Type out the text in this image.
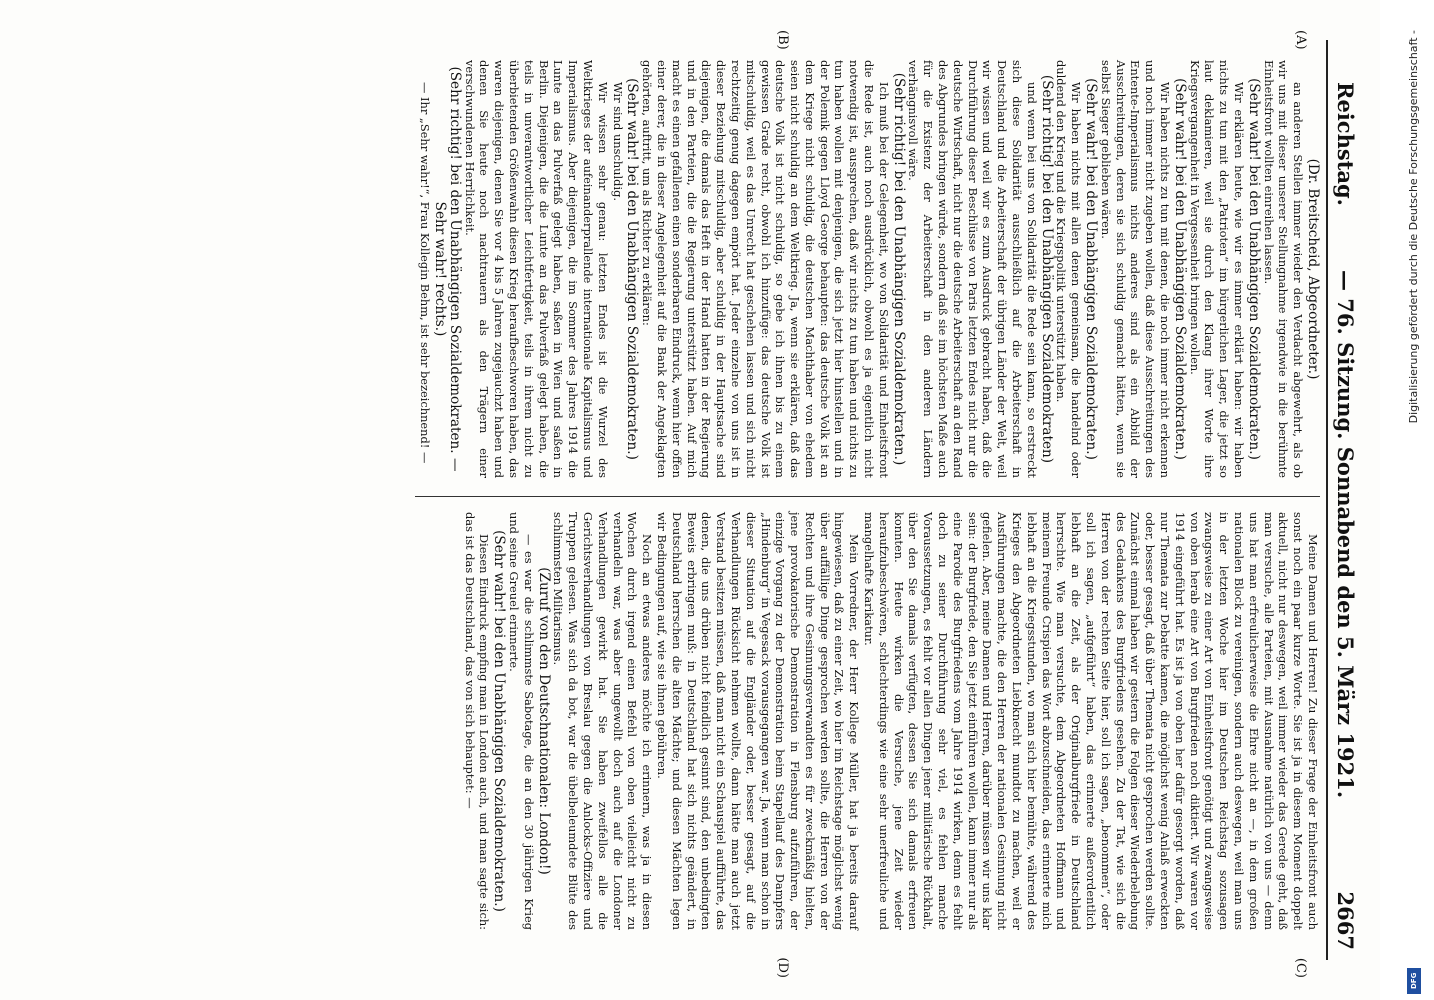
Reichstag.
— 76. Sitzung. Sonnabend den 5. März 1921.
2667
(A)
(B)
(C)
(D)

(Dr. Breitscheid, Abgeordneter.)

an anderen Stellen immer wieder den Verdacht abgewehrt, als ob wir uns mit dieser unserer Stellungnahme irgendwie in die berühmte Einheitsfront wollten einreihen lassen.

(Sehr wahr! bei den Unabhängigen Sozialdemokraten.)

Wir erklären heute, wie wir es immer erklärt haben: wir haben nichts zu tun mit den „Patrioten“ im bürgerlichen Lager, die jetzt so laut deklamieren, weil sie durch den Klang ihrer Worte ihre Kriegsvergangenheit in Vergessenheit bringen wollen.

(Sehr wahr! bei den Unabhängigen Sozialdemokraten.)

Wir haben nichts zu tun mit denen, die noch immer nicht erkennen und noch immer nicht zugeben wollen, daß diese Ausschreitungen des Entente-Imperialismus nichts anderes sind als ein Abbild der Ausschreitungen, deren sie sich schuldig gemacht hätten, wenn sie selbst Sieger geblieben wären.

(Sehr wahr! bei den Unabhängigen Sozialdemokraten.)

Wir haben nichts mit allen denen gemeinsam, die handelnd oder duldend den Krieg und die Kriegspolitik unterstützt haben.

(Sehr richtig! bei den Unabhängigen Sozialdemokraten)

und wenn bei uns von Solidarität die Rede sein kann, so erstreckt sich diese Solidarität ausschließlich auf die Arbeiterschaft in Deutschland und die Arbeiterschaft der übrigen Länder der Welt, weil wir wissen und weil wir es zum Ausdruck gebracht haben, daß die Durchführung dieser Beschlüsse von Paris letzten Endes nicht nur die deutsche Wirtschaft, nicht nur die deutsche Arbeiterschaft an den Rand des Abgrundes bringen würde, sondern daß sie im höchsten Maße auch für die Existenz der Arbeiterschaft in den anderen Ländern verhängnisvoll wäre.

(Sehr richtig! bei den Unabhängigen Sozialdemokraten.)

Ich muß bei der Gelegenheit, wo von Solidarität und Einheitsfront die Rede ist, auch noch ausdrücklich, obwohl es ja eigentlich nicht notwendig ist, aussprechen, daß wir nichts zu tun haben und nichts zu tun haben wollen mit denjenigen, die sich jetzt hier hinstellen und in der Polemik gegen Lloyd George behaupten: das deutsche Volk ist an dem Kriege nicht schuldig, die deutschen Machthaber von ehedem seien nicht schuldig an dem Weltkrieg. Ja, wenn sie erklären, daß das deutsche Volk ist nicht schuldig, so gebe ich ihnen bis zu einem gewissen Grade recht, obwohl ich hinzufüge: das deutsche Volk ist mitschuldig, weil es das Unrecht hat geschehen lassen und sich nicht rechtzeitig genug dagegen empört hat. Jeder einzelne von uns ist in dieser Beziehung mitschuldig, aber schuldig in der Hauptsache sind diejenigen, die damals das Heft in der Hand hatten in der Regierung und in den Parteien, die die Regierung unterstützt haben. Auf mich macht es einen gefallenen einen sonderbaren Eindruck, wenn hier offen einer derer, die in dieser Angelegenheit auf die Bank der Angeklagten gehörten, auftritt, um als Richter zu erklären:

(Sehr wahr! bei den Unabhängigen Sozialdemokraten.)

Wir sind unschuldig.

Wir wissen sehr genau: letzten Endes ist die Wurzel des Weltkrieges der aufeinanderprallende internationale Kapitalismus und Imperialismus. Aber diejenigen, die im Sommer des Jahres 1914 die Lunte an das Pulverfaß gelegt haben, saßen in Wien und saßen in Berlin. Diejenigen, die die Lunte an das Pulverfaß gelegt haben, die teils in unverantwortlicher Leichtfertigkeit, teils in ihrem nicht zu überbietenden Größenwahn diesen Krieg heraufbeschworen haben, das waren diejenigen, denen Sie vor 4 bis 5 Jahren zugejauchzt haben und denen Sie heute noch nachtrauern als den Trägern einer verschwundenen Herrlichkeit.

(Sehr richtig! bei den Unabhängigen Sozialdemokraten. — Sehr wahr! rechts.)

— Ihr „Sehr wahr!“, Frau Kollegin Behm, ist sehr bezeichnend! —

Meine Damen und Herren! Zu dieser Frage der Einheitsfront auch sonst noch ein paar kurze Worte. Sie ist ja in diesem Moment doppelt aktuell, nicht nur deswegen, weil immer wieder das Gerede geht, daß man versuche, alle Parteien, mit Ausnahme natürlich von uns — denn uns hat man erfreulicherweise die Ehre nicht an —, in dem großen nationalen Block zu vereinigen, sondern auch deswegen, weil man uns in der letzten Woche hier im Deutschen Reichstag sozusagen zwangsweise zu einer Art von Einheitsfront genötigt und zwangsweise von oben herab eine Art von Burgfrieden noch diktiert. Wir waren vor 1914 eingeführt hat. Es ist ja von oben her dafür gesorgt worden, daß nur Themata zur Debatte kamen, die möglichst wenig Anlaß erweckten oder, besser gesagt, daß über Themata nicht gesprochen werden sollte. Zunächst einmal haben wir gestern die Folgen dieser Wiederbelebung des Gedankens des Burgfriedens gesehen. Zu der Tat, wie sich die Herren von der rechten Seite hier, soll ich sagen, „benommen“, oder soll ich sagen, „aufgeführt“ haben, das erinnerte außerordentlich lebhaft an die Zeit, als der Originalburgfriede in Deutschland herrschte. Wie man versuchte, dem Abgeordneten Hoffmann und meinem Freunde Crispien das Wort abzuschneiden, das erinnerte mich lebhaft an die Kriegsstunden, wo man sich hier bemühte, während des Krieges den Abgeordneten Liebknecht mundtot zu machen, weil er Ausführungen machte, die den Herren der nationalen Gesinnung nicht gefielen. Aber, meine Damen und Herren, darüber müssen wir uns klar sein: der Burgfriede, den Sie jetzt einführen wollen, kann immer nur als eine Parodie des Burgfriedens vom Jahre 1914 wirken, denn es fehlt doch zu seiner Durchführung sehr viel, es fehlen manche Voraussetzungen, es fehlt vor allen Dingen jener militärische Rückhalt, über den Sie damals verfügten, dessen Sie sich damals erfreuen konnten. Heute wirken die Versuche, jene Zeit wieder heraufzubeschwören, schlechterdings wie eine sehr unerfreuliche und mangelhafte Karikatur.

Mein Vorredner, der Herr Kollege Müller, hat ja bereits darauf hingewiesen, daß zu einer Zeit, wo hier im Reichstage möglichst wenig über auffällige Dinge gesprochen werden sollte, die Herren von der Rechten und ihre Gesinnungsverwandten es für zweckmäßig hielten, jene provokatorische Demonstration in Flensburg aufzuführen, der einzige Vorgang zu der Demonstration beim Stapellauf des Dampfers „Hindenburg“ in Vegesack vorausgegangen war. Ja, wenn man schon in dieser Situation auf die Engländer oder, besser gesagt, auf die Verhandlungen Rücksicht nehmen wollte, dann hätte man auch jetzt Verstand besitzen müssen, daß man nicht ein Schauspiel aufführte, das denen, die uns drüben nicht feindlich gesinnt sind, den unbedingten Beweis erbringen muß: in Deutschland hat sich nichts geändert, in Deutschland herrschen die alten Mächte; und diesen Mächten legen wir Bedingungen auf, wie sie ihnen gebühren.

Noch an etwas anderes möchte ich erinnern, was ja in diesen Wochen durch irgend einen Befehl von oben vielleicht nicht zu verhandeln war, was aber ungewollt doch auch auf die Londoner Verhandlungen gewirkt hat. Sie haben zweifellos alle die Gerichtsverhandlungen von Breslau gegen die Anlocks-Offiziere und Truppen gelesen. Was sich da bot, war die übelbeleumdete Blüte des schlimmsten Militarismus.

(Zuruf von den Deutschnationalen: London!)

— es war die schlimmste Sabotage, die an den 30 jährigen Krieg und seine Greuel erinnerte.

(Sehr wahr! bei den Unabhängigen Sozialdemokraten.)

Diesen Eindruck empfing man in London auch, und man sagte sich: das ist das Deutschland, das von sich behauptet: —

Digitalisierung gefördert durch die Deutsche Forschungsgemeinschaft -
DFG
